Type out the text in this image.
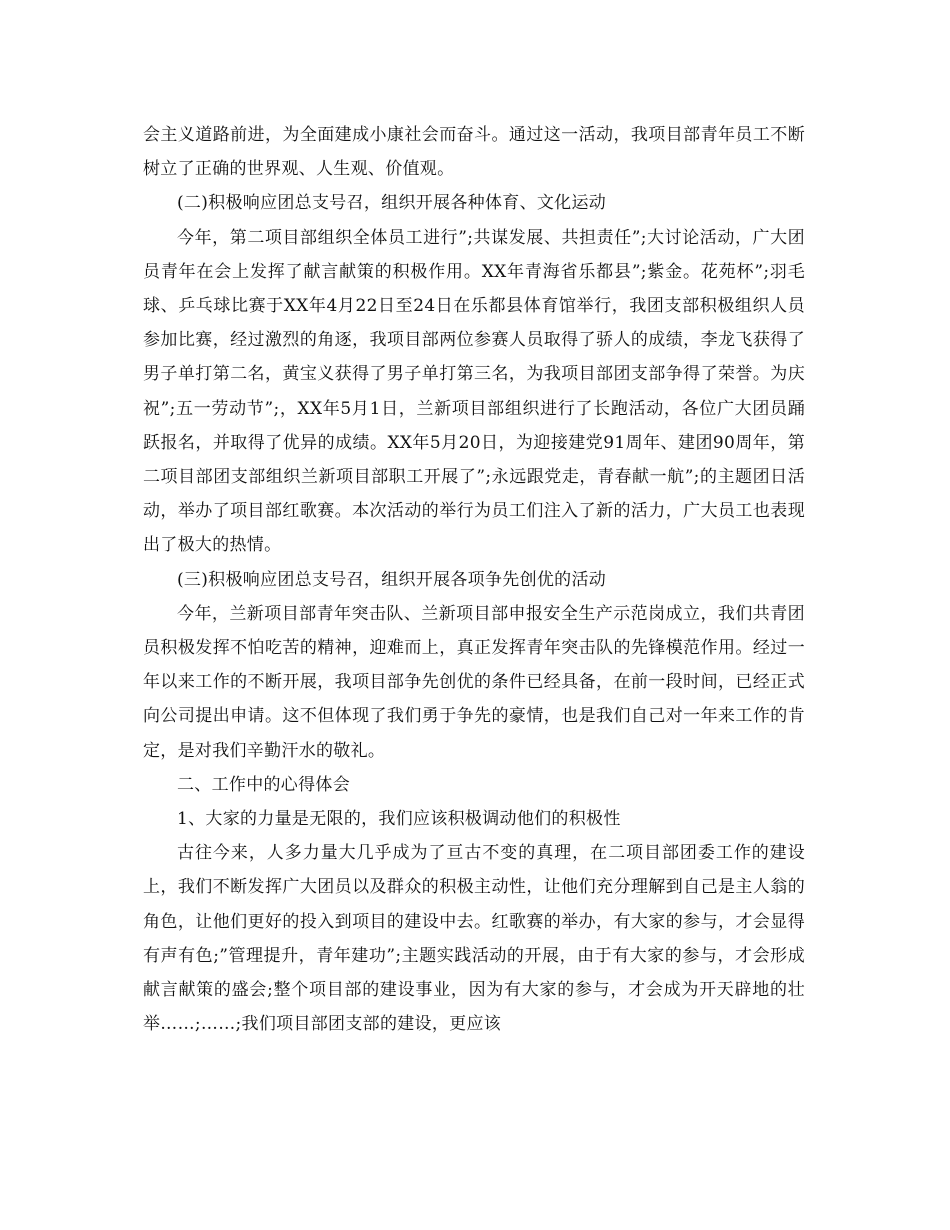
会主义道路前进，为全面建成小康社会而奋斗。通过这一活动，我项目部青年员工不断树立了正确的世界观、人生观、价值观。

(二)积极响应团总支号召，组织开展各种体育、文化运动

今年，第二项目部组织全体员工进行”;共谋发展、共担责任”;大讨论活动，广大团员青年在会上发挥了献言献策的积极作用。XX年青海省乐都县”;紫金。花苑杯”;羽毛球、乒乓球比赛于XX年4月22日至24日在乐都县体育馆举行，我团支部积极组织人员参加比赛，经过激烈的角逐，我项目部两位参赛人员取得了骄人的成绩，李龙飞获得了男子单打第二名，黄宝义获得了男子单打第三名，为我项目部团支部争得了荣誉。为庆祝”;五一劳动节”;，XX年5月1日，兰新项目部组织进行了长跑活动，各位广大团员踊跃报名，并取得了优异的成绩。XX年5月20日，为迎接建党91周年、建团90周年，第二项目部团支部组织兰新项目部职工开展了”;永远跟党走，青春献一航”;的主题团日活动，举办了项目部红歌赛。本次活动的举行为员工们注入了新的活力，广大员工也表现出了极大的热情。

(三)积极响应团总支号召，组织开展各项争先创优的活动

今年，兰新项目部青年突击队、兰新项目部申报安全生产示范岗成立，我们共青团员积极发挥不怕吃苦的精神，迎难而上，真正发挥青年突击队的先锋模范作用。经过一年以来工作的不断开展，我项目部争先创优的条件已经具备，在前一段时间，已经正式向公司提出申请。这不但体现了我们勇于争先的豪情，也是我们自己对一年来工作的肯定，是对我们辛勤汗水的敬礼。

二、工作中的心得体会

1、大家的力量是无限的，我们应该积极调动他们的积极性

古往今来，人多力量大几乎成为了亘古不变的真理，在二项目部团委工作的建设上，我们不断发挥广大团员以及群众的积极主动性，让他们充分理解到自己是主人翁的角色，让他们更好的投入到项目的建设中去。红歌赛的举办，有大家的参与，才会显得有声有色;”管理提升，青年建功”;主题实践活动的开展，由于有大家的参与，才会形成献言献策的盛会;整个项目部的建设事业，因为有大家的参与，才会成为开天辟地的壮举……;……;我们项目部团支部的建设，更应该
